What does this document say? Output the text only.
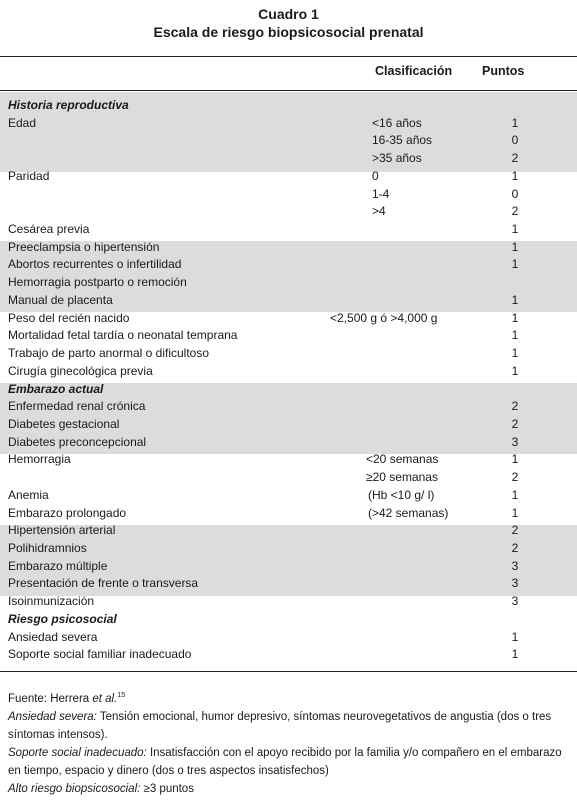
Cuadro 1
Escala de riesgo biopsicosocial prenatal
Clasificación Puntos
Historia reproductiva
Edad	<16 años	1
16-35 años	0
>35 años	2
Paridad	0	1
1-4	0
>4	2
Cesárea previa	1
Preeclampsia o hipertensión	1
Abortos recurrentes o infertilidad	1
Hemorragia postparto o remoción
Manual de placenta	1
Peso del recién nacido	<2,500 g ó >4,000 g	1
Mortalidad fetal tardía o neonatal temprana	1
Trabajo de parto anormal o dificultoso	1
Cirugía ginecológica previa	1
Embarazo actual
Enfermedad renal crónica	2
Diabetes gestacional	2
Diabetes preconcepcional	3
Hemorragia	<20 semanas	1
≥20 semanas	2
Anemia	(Hb <10 g/ l)	1
Embarazo prolongado	(>42 semanas)	1
Hipertensión arterial	2
Polihidramnios	2
Embarazo múltiple	3
Presentación de frente o transversa	3
Isoinmunización	3
Riesgo psicosocial
Ansiedad severa	1
Soporte social familiar inadecuado	1

Fuente: Herrera et al.$^{15}$

Ansiedad severa: Tensión emocional, humor depresivo, síntomas neurovegetativos de angustia (dos o tres síntomas intensos).

Soporte social inadecuado: Insatisfacción con el apoyo recibido por la familia y/o compañero en el embarazo en tiempo, espacio y dinero (dos o tres aspectos insatisfechos)

Alto riesgo biopsicosocial: ≥3 puntos
